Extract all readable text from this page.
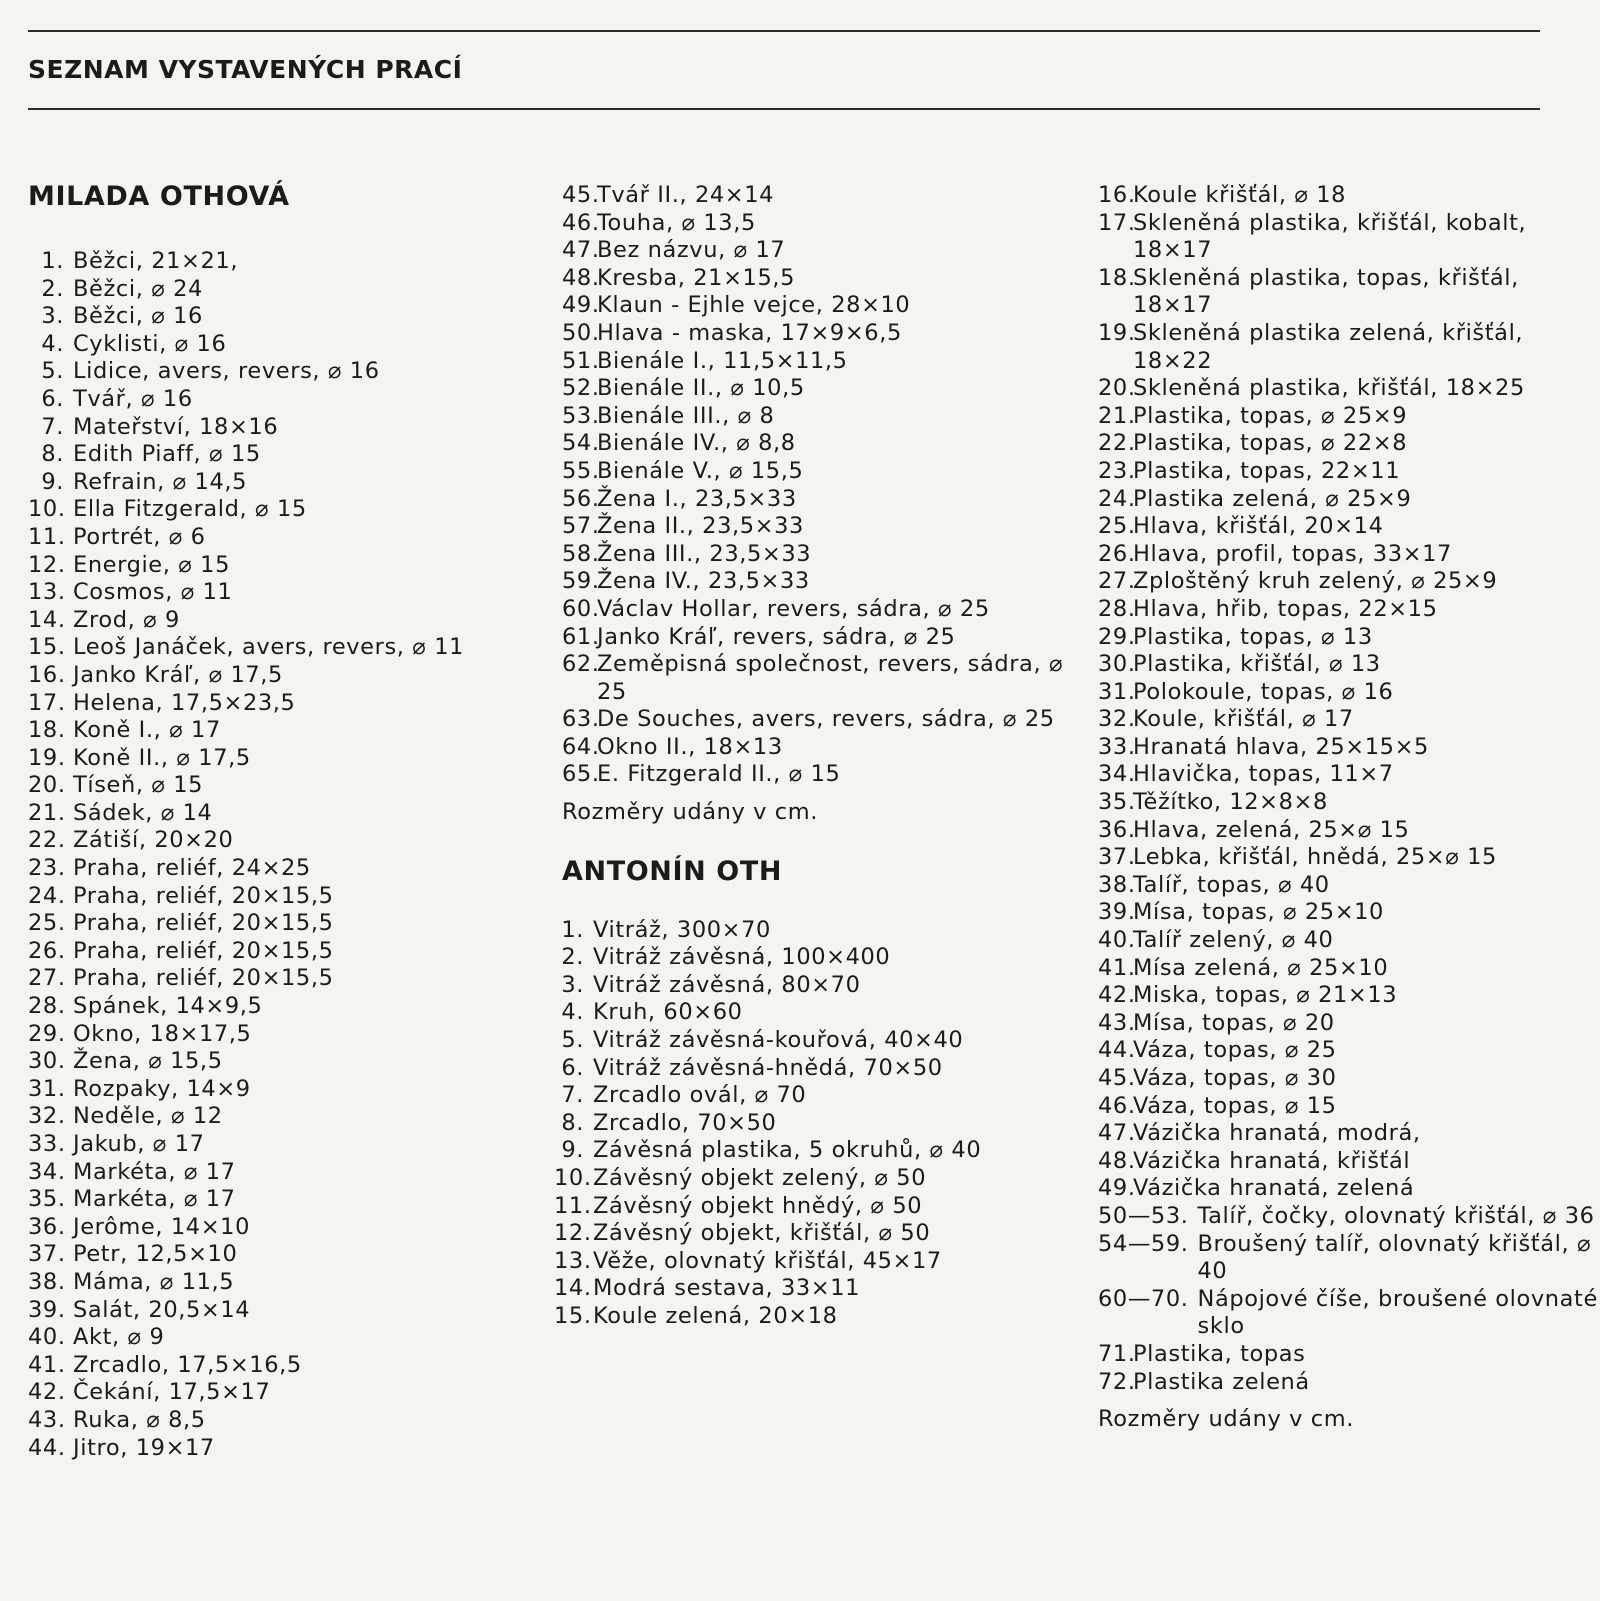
SEZNAM VYSTAVENÝCH PRACÍ
MILADA OTHOVÁ
1. Běžci, 21×21,
2. Běžci, ⌀ 24
3. Běžci, ⌀ 16
4. Cyklisti, ⌀ 16
5. Lidice, avers, revers, ⌀ 16
6. Tvář, ⌀ 16
7. Mateřství, 18×16
8. Edith Piaff, ⌀ 15
9. Refrain, ⌀ 14,5
10. Ella Fitzgerald, ⌀ 15
11. Portrét, ⌀ 6
12. Energie, ⌀ 15
13. Cosmos, ⌀ 11
14. Zrod, ⌀ 9
15. Leoš Janáček, avers, revers, ⌀ 11
16. Janko Kráľ, ⌀ 17,5
17. Helena, 17,5×23,5
18. Koně I., ⌀ 17
19. Koně II., ⌀ 17,5
20. Tíseň, ⌀ 15
21. Sádek, ⌀ 14
22. Zátiší, 20×20
23. Praha, reliéf, 24×25
24. Praha, reliéf, 20×15,5
25. Praha, reliéf, 20×15,5
26. Praha, reliéf, 20×15,5
27. Praha, reliéf, 20×15,5
28. Spánek, 14×9,5
29. Okno, 18×17,5
30. Žena, ⌀ 15,5
31. Rozpaky, 14×9
32. Neděle, ⌀ 12
33. Jakub, ⌀ 17
34. Markéta, ⌀ 17
35. Markéta, ⌀ 17
36. Jerôme, 14×10
37. Petr, 12,5×10
38. Máma, ⌀ 11,5
39. Salát, 20,5×14
40. Akt, ⌀ 9
41. Zrcadlo, 17,5×16,5
42. Čekání, 17,5×17
43. Ruka, ⌀ 8,5
44. Jitro, 19×17
45.
Tvář II., 24×14
46.
Touha, ⌀ 13,5
47.
Bez názvu, ⌀ 17
48.
Kresba, 21×15,5
49.
Klaun - Ejhle vejce, 28×10
50.
Hlava - maska, 17×9×6,5
51.
Bienále I., 11,5×11,5
52.
Bienále II., ⌀ 10,5
53.
Bienále III., ⌀ 8
54.
Bienále IV., ⌀ 8,8
55.
Bienále V., ⌀ 15,5
56.
Žena I., 23,5×33
57.
Žena II., 23,5×33
58.
Žena III., 23,5×33
59.
Žena IV., 23,5×33
60.
Václav Hollar, revers, sádra, ⌀ 25
61.
Janko Kráľ, revers, sádra, ⌀ 25
62.
Zeměpisná společnost, revers, sádra, ⌀ 25
63.
De Souches, avers, revers, sádra, ⌀ 25
64.
Okno II., 18×13
65.
E. Fitzgerald II., ⌀ 15

Rozměry udány v cm.

ANTONÍN OTH
1. Vitráž, 300×70
2. Vitráž závěsná, 100×400
3. Vitráž závěsná, 80×70
4. Kruh, 60×60
5. Vitráž závěsná-kouřová, 40×40
6. Vitráž závěsná-hnědá, 70×50
7. Zrcadlo ovál, ⌀ 70
8. Zrcadlo, 70×50
9. Závěsná plastika, 5 okruhů, ⌀ 40
10. Závěsný objekt zelený, ⌀ 50
11. Závěsný objekt hnědý, ⌀ 50
12. Závěsný objekt, křišťál, ⌀ 50
13. Věže, olovnatý křišťál, 45×17
14. Modrá sestava, 33×11
15. Koule zelená, 20×18
16.
Koule křišťál, ⌀ 18
17.
Skleněná plastika, křišťál, kobalt, 18×17
18.
Skleněná plastika, topas, křišťál, 18×17
19.
Skleněná plastika zelená, křišťál, 18×22
20.
Skleněná plastika, křišťál, 18×25
21.
Plastika, topas, ⌀ 25×9
22.
Plastika, topas, ⌀ 22×8
23.
Plastika, topas, 22×11
24.
Plastika zelená, ⌀ 25×9
25.
Hlava, křišťál, 20×14
26.
Hlava, profil, topas, 33×17
27.
Zploštěný kruh zelený, ⌀ 25×9
28.
Hlava, hřib, topas, 22×15
29.
Plastika, topas, ⌀ 13
30.
Plastika, křišťál, ⌀ 13
31.
Polokoule, topas, ⌀ 16
32.
Koule, křišťál, ⌀ 17
33.
Hranatá hlava, 25×15×5
34.
Hlavička, topas, 11×7
35.
Těžítko, 12×8×8
36.
Hlava, zelená, 25×⌀ 15
37.
Lebka, křišťál, hnědá, 25×⌀ 15
38.
Talíř, topas, ⌀ 40
39.
Mísa, topas, ⌀ 25×10
40.
Talíř zelený, ⌀ 40
41.
Mísa zelená, ⌀ 25×10
42.
Miska, topas, ⌀ 21×13
43.
Mísa, topas, ⌀ 20
44.
Váza, topas, ⌀ 25
45.
Váza, topas, ⌀ 30
46.
Váza, topas, ⌀ 15
47.
Vázička hranatá, modrá,
48.
Vázička hranatá, křišťál
49.
Vázička hranatá, zelená
50—53. Talíř, čočky, olovnatý křišťál, ⌀ 36
54—59. Broušený talíř, olovnatý křišťál, ⌀ 40
60—70. Nápojové číše, broušené olovnaté sklo
71.
Plastika, topas
72.
Plastika zelená

Rozměry udány v cm.
